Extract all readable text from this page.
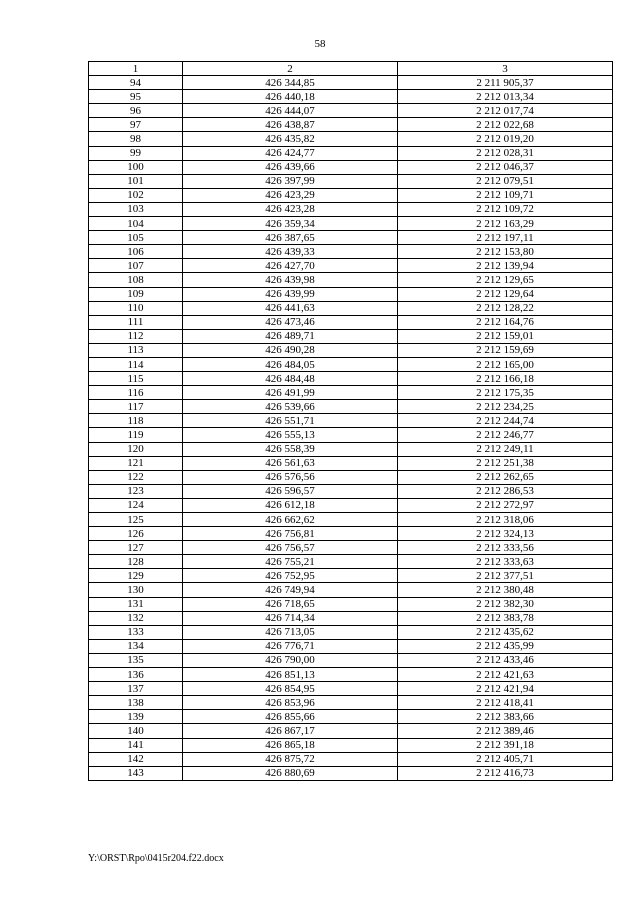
58
1	2	3
94	426 344,85	2 211 905,37
95	426 440,18	2 212 013,34
96	426 444,07	2 212 017,74
97	426 438,87	2 212 022,68
98	426 435,82	2 212 019,20
99	426 424,77	2 212 028,31
100	426 439,66	2 212 046,37
101	426 397,99	2 212 079,51
102	426 423,29	2 212 109,71
103	426 423,28	2 212 109,72
104	426 359,34	2 212 163,29
105	426 387,65	2 212 197,11
106	426 439,33	2 212 153,80
107	426 427,70	2 212 139,94
108	426 439,98	2 212 129,65
109	426 439,99	2 212 129,64
110	426 441,63	2 212 128,22
111	426 473,46	2 212 164,76
112	426 489,71	2 212 159,01
113	426 490,28	2 212 159,69
114	426 484,05	2 212 165,00
115	426 484,48	2 212 166,18
116	426 491,99	2 212 175,35
117	426 539,66	2 212 234,25
118	426 551,71	2 212 244,74
119	426 555,13	2 212 246,77
120	426 558,39	2 212 249,11
121	426 561,63	2 212 251,38
122	426 576,56	2 212 262,65
123	426 596,57	2 212 286,53
124	426 612,18	2 212 272,97
125	426 662,62	2 212 318,06
126	426 756,81	2 212 324,13
127	426 756,57	2 212 333,56
128	426 755,21	2 212 333,63
129	426 752,95	2 212 377,51
130	426 749,94	2 212 380,48
131	426 718,65	2 212 382,30
132	426 714,34	2 212 383,78
133	426 713,05	2 212 435,62
134	426 776,71	2 212 435,99
135	426 790,00	2 212 433,46
136	426 851,13	2 212 421,63
137	426 854,95	2 212 421,94
138	426 853,96	2 212 418,41
139	426 855,66	2 212 383,66
140	426 867,17	2 212 389,46
141	426 865,18	2 212 391,18
142	426 875,72	2 212 405,71
143	426 880,69	2 212 416,73
Y:\ORST\Rpo\0415r204.f22.docx
